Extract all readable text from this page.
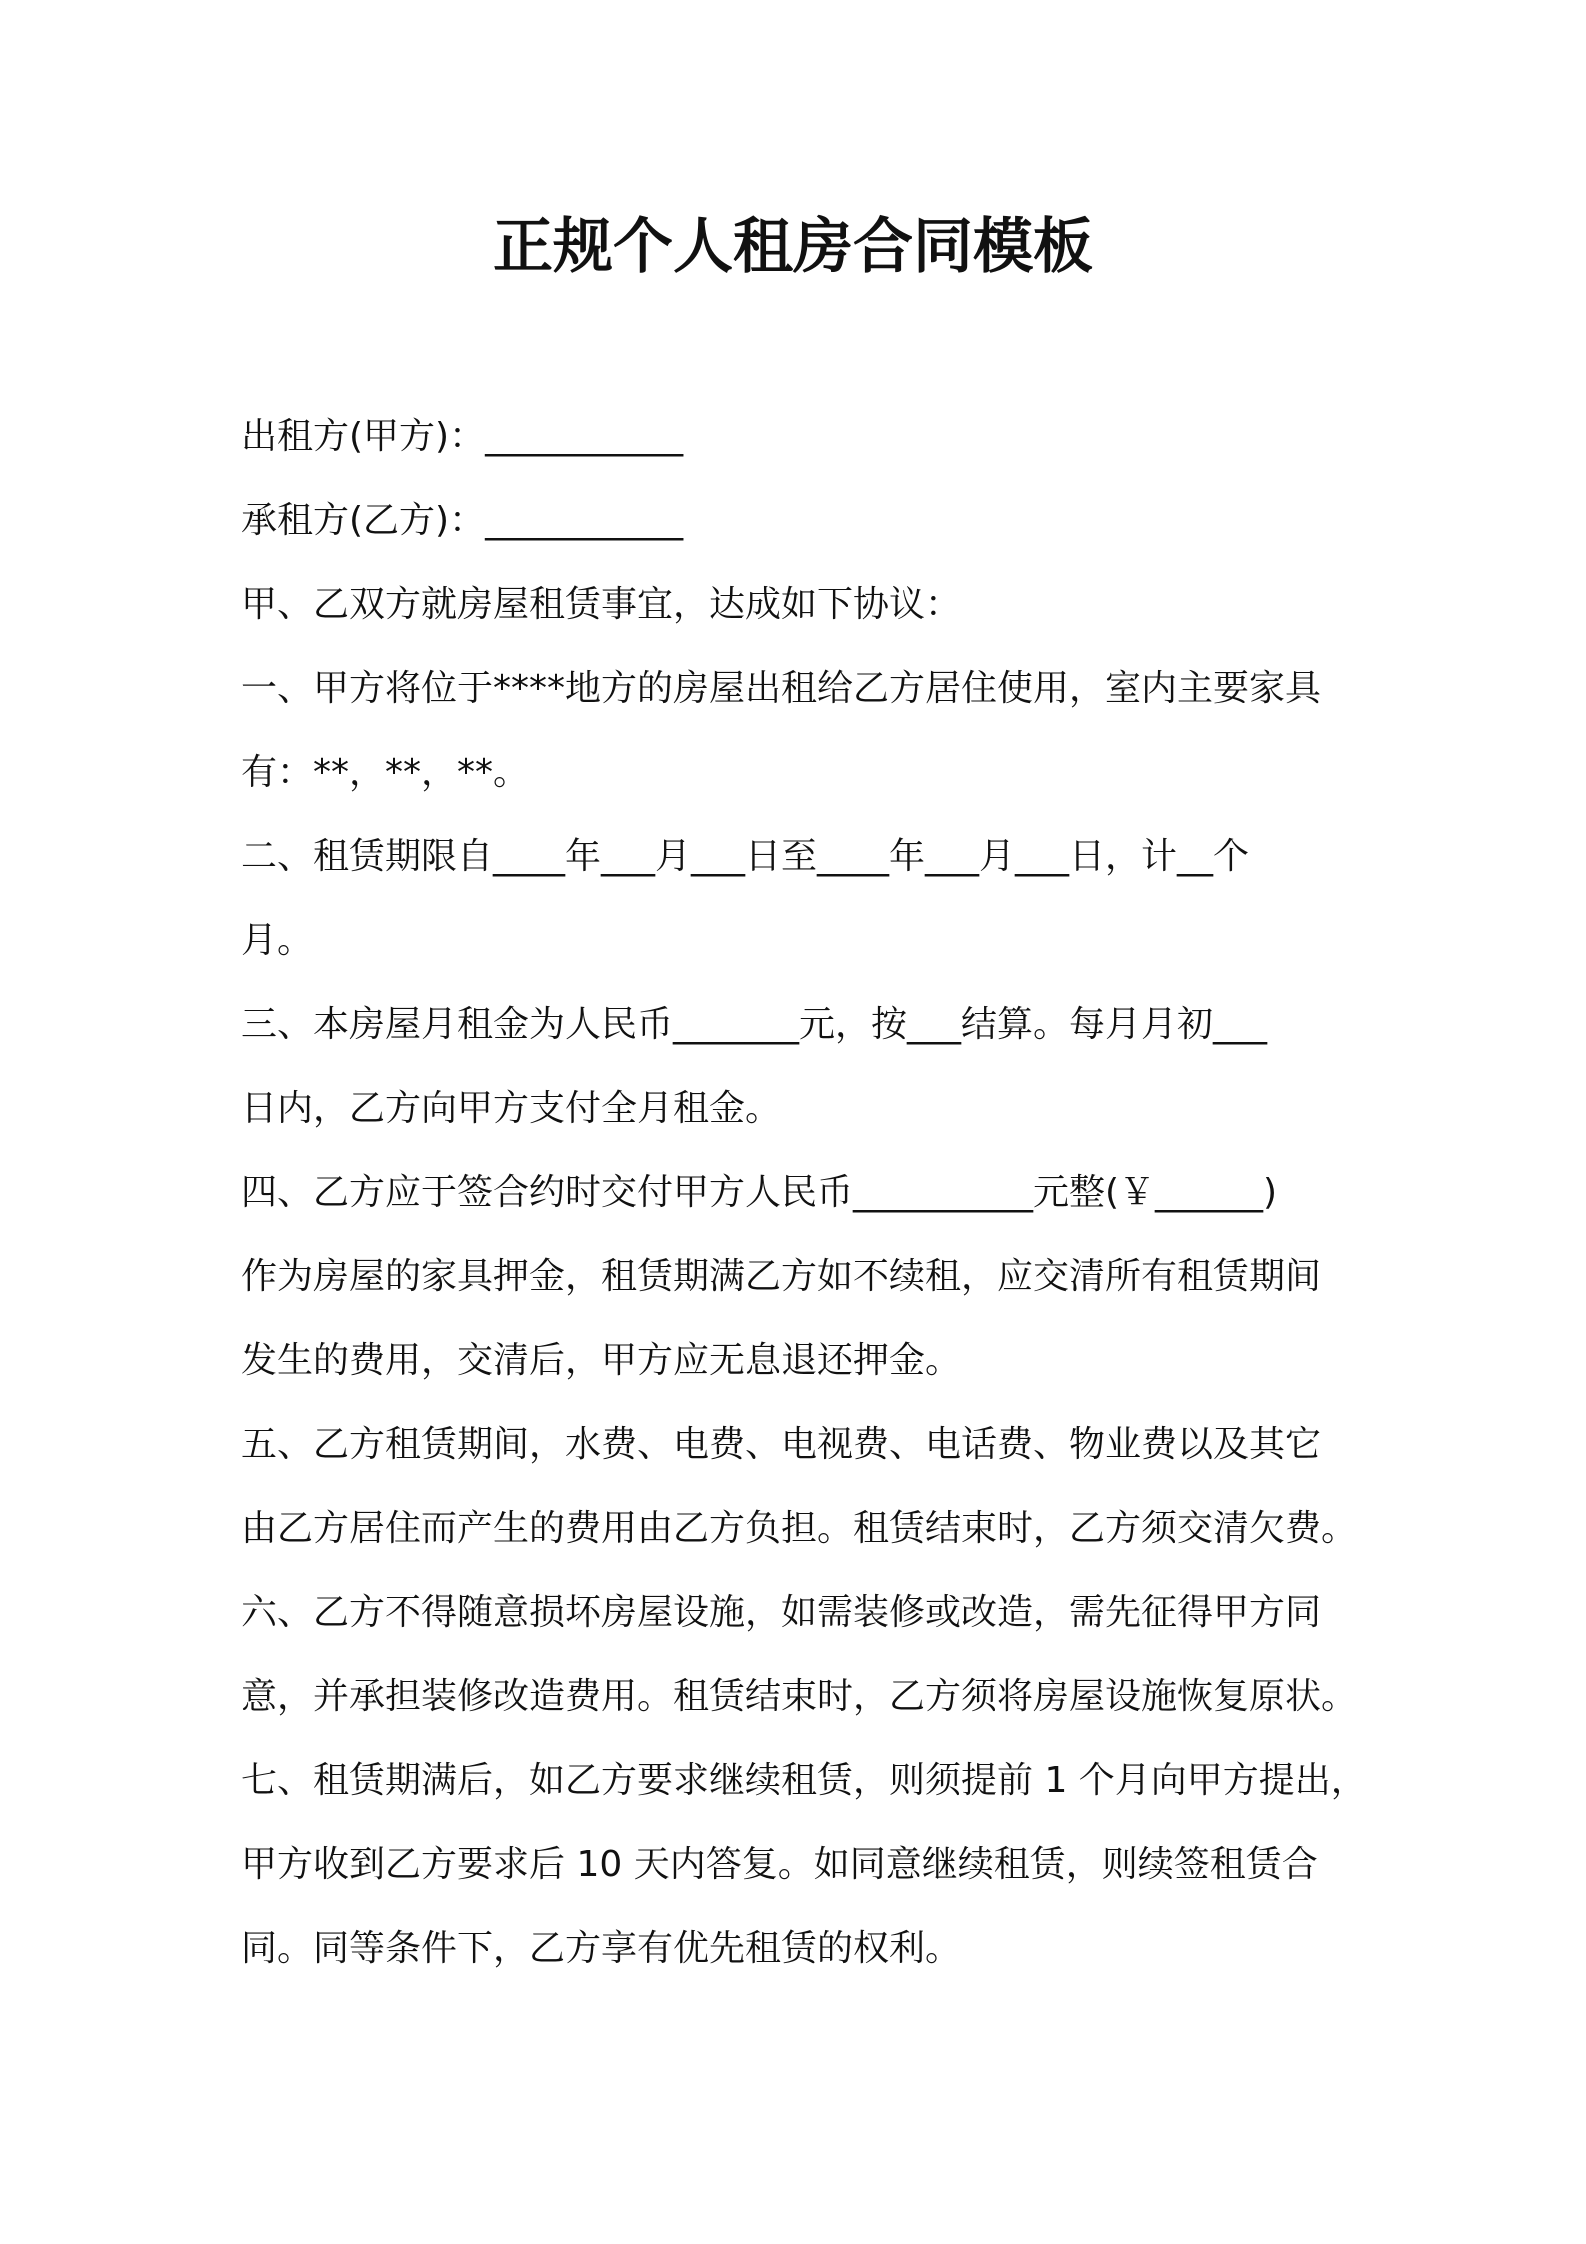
正规个人租房合同模板
出租方(甲方)：___________
承租方(乙方)：___________
甲、乙双方就房屋租赁事宜，达成如下协议：
一、甲方将位于****地方的房屋出租给乙方居住使用，室内主要家具
有：**，**，**。
二、租赁期限自____年___月___日至____年___月___日，计__个
月。
三、本房屋月租金为人民币_______元，按___结算。每月月初___
日内，乙方向甲方支付全月租金。
四、乙方应于签合约时交付甲方人民币__________元整(￥______)
作为房屋的家具押金，租赁期满乙方如不续租，应交清所有租赁期间
发生的费用，交清后，甲方应无息退还押金。
五、乙方租赁期间，水费、电费、电视费、电话费、物业费以及其它
由乙方居住而产生的费用由乙方负担。租赁结束时，乙方须交清欠费。
六、乙方不得随意损坏房屋设施，如需装修或改造，需先征得甲方同
意，并承担装修改造费用。租赁结束时，乙方须将房屋设施恢复原状。
七、租赁期满后，如乙方要求继续租赁，则须提前 1 个月向甲方提出，
甲方收到乙方要求后 10 天内答复。如同意继续租赁，则续签租赁合
同。同等条件下，乙方享有优先租赁的权利。
